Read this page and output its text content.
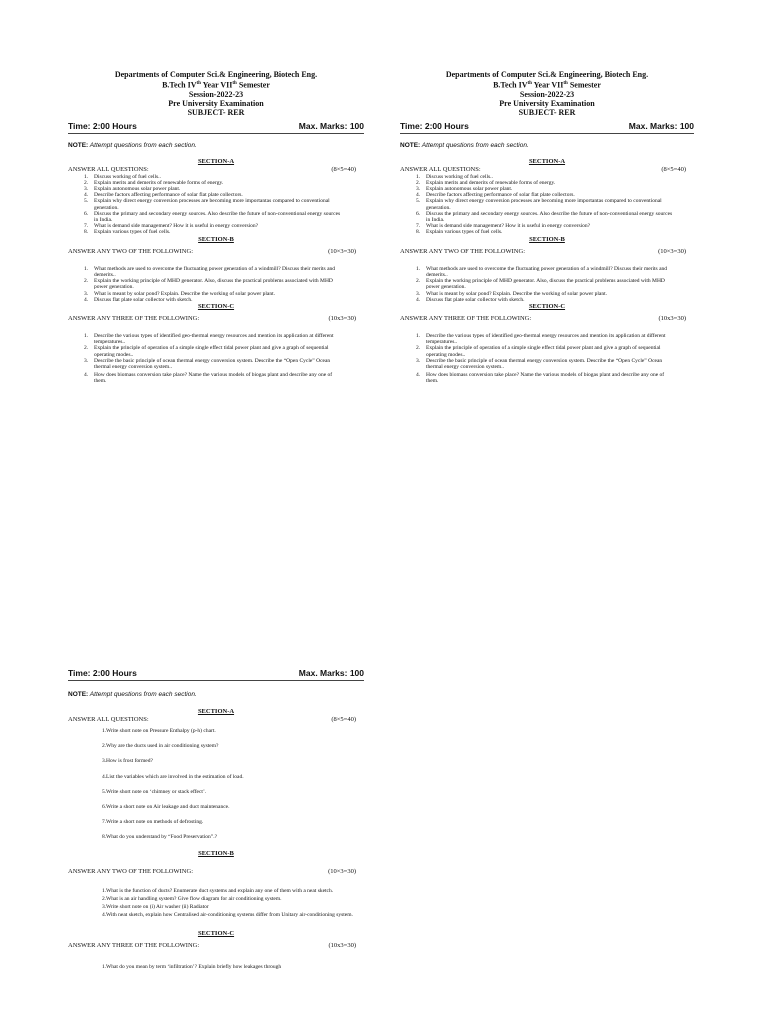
Departments of Computer Sci.& Engineering, Biotech Eng.
B.Tech IVth Year VIIth Semester
Session-2022-23
Pre University Examination
SUBJECT- RER
Time: 2:00 Hours	Max. Marks: 100
NOTE: Attempt questions from each section.
SECTION-A
ANSWER ALL QUESTIONS:	(8×5=40)
1.	Discuss working of fuel cells..
2.	Explain merits and demerits of renewable forms of energy.
3.	Explain autonomous solar power plant.
4.	Describe factors affecting performance of solar flat plate collectors.
5.	Explain why direct energy conversion processes are becoming more importantas compared to conventional generation.
6.	Discuss the primary and secondary energy sources. Also describe the future of non-conventional energy sources in India.
7.	What is demand side management? How it is useful in energy conversion?
8.	Explain various types of fuel cells.
SECTION-B
ANSWER ANY TWO OF THE FOLLOWING:	(10×3=30)
1.	What methods are used to overcome the fluctuating power generation of a windmill? Discuss their merits and demerits..
2.	Explain the working principle of MHD generator. Also, discuss the practical problems associated with MHD power generation.
3.	What is meant by solar pond? Explain. Describe the working of solar power plant.
4.	Discuss flat plate solar collector with sketch.
SECTION-C
ANSWER ANY THREE OF THE FOLLOWING:	(10x3=30)
1.	Describe the various types of identified geo-thermal energy resources and mention its application at different temperatures..
2.	Explain the principle of operation of a simple single effect tidal power plant and give a graph of sequential operating modes..
3.	Describe the basic principle of ocean thermal energy conversion system. Describe the “Open Cycle” Ocean thermal energy conversion system..
4.	How does biomass conversion take place? Name the various models of biogas plant and describe any one of them.
Departments of Computer Sci.& Engineering, Biotech Eng.
B.Tech IVth Year VIIth Semester
Session-2022-23
Pre University Examination
SUBJECT- RER
Time: 2:00 Hours	Max. Marks: 100
NOTE: Attempt questions from each section.
SECTION-A
ANSWER ALL QUESTIONS:	(8×5=40)
1.	Discuss working of fuel cells..
2.	Explain merits and demerits of renewable forms of energy.
3.	Explain autonomous solar power plant.
4.	Describe factors affecting performance of solar flat plate collectors.
5.	Explain why direct energy conversion processes are becoming more importantas compared to conventional generation.
6.	Discuss the primary and secondary energy sources. Also describe the future of non-conventional energy sources in India.
7.	What is demand side management? How it is useful in energy conversion?
8.	Explain various types of fuel cells.
SECTION-B
ANSWER ANY TWO OF THE FOLLOWING:	(10×3=30)
1.	What methods are used to overcome the fluctuating power generation of a windmill? Discuss their merits and demerits..
2.	Explain the working principle of MHD generator. Also, discuss the practical problems associated with MHD power generation.
3.	What is meant by solar pond? Explain. Describe the working of solar power plant.
4.	Discuss flat plate solar collector with sketch.
SECTION-C
ANSWER ANY THREE OF THE FOLLOWING:	(10x3=30)
1.	Describe the various types of identified geo-thermal energy resources and mention its application at different temperatures..
2.	Explain the principle of operation of a simple single effect tidal power plant and give a graph of sequential operating modes..
3.	Describe the basic principle of ocean thermal energy conversion system. Describe the “Open Cycle” Ocean thermal energy conversion system..
4.	How does biomass conversion take place? Name the various models of biogas plant and describe any one of them.
Time: 2:00 Hours	Max. Marks: 100
NOTE: Attempt questions from each section.
SECTION-A
ANSWER ALL QUESTIONS:	(8×5=40)
1. Write short note on Pressure Enthalpy (p-h) chart.
2. Why are the ducts used in air conditioning system?
3. How is frost formed?
4. List the variables which are involved in the estimation of load.
5. Write short note on ‘chimney or stack effect’.
6. Write a short note on Air leakage and duct maintenance.
7. Write a short note on methods of defrosting.
8. What do you understand by “Food Preservation”.?
SECTION-B
ANSWER ANY TWO OF THE FOLLOWING:	(10×3=30)
1. What is the function of ducts? Enumerate duct systems and explain any one of them with a neat sketch.
2. What is an air handling system? Give flow diagram for air conditioning system.
3. Write short note on (i) Air washer (ii) Radiator
4. With neat sketch, explain how Centralised air-conditioning systems differ from Unitary air-conditioning system.
SECTION-C
ANSWER ANY THREE OF THE FOLLOWING:	(10x3=30)
1. What do you mean by term ‘infiltration’? Explain briefly how leakages through
